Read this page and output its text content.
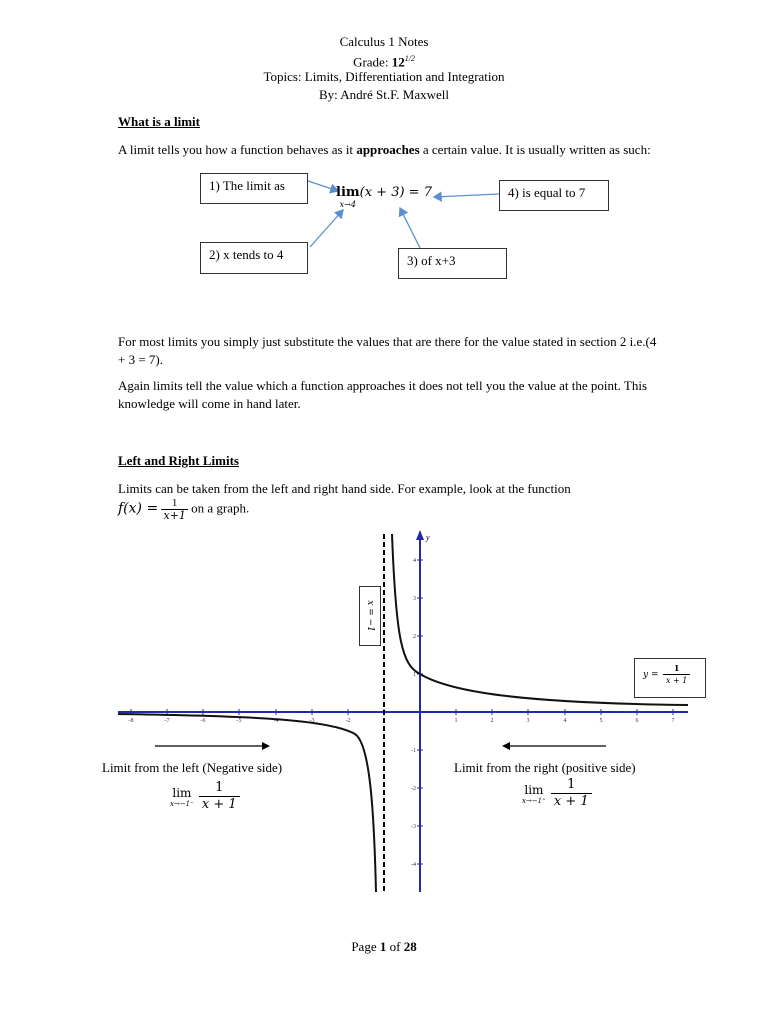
Calculus 1 Notes
Grade: $12^{1/2}$
Topics: Limits, Differentiation and Integration
By: André St.F. Maxwell
What is a limit
A limit tells you how a function behaves as it approaches a certain value. It is usually written as such:
1) The limit as
2) x tends to 4	3) of x+3
4) is equal to 7
lim
x→4
$^{(x + 3) = 7}$
For most limits you simply just substitute the values that are there for the value stated in section 2 i.e.(4 + 3 = 7).
Again limits tell the value which a function approaches it does not tell you the value at the point. This knowledge will come in hand later.
Left and Right Limits
Limits can be taken from the left and right hand side. For example, look at the function
$f(x) = \frac{1}{x+1}$ on a graph.
y
-8	-7	-6	-5	-4	-3	-2	1	2	3	4	5	6	7
4
3
2
1
-1
-2
-3
-4
x = −1
$y = \frac{1}{x + 1}$
Limit from the left (Negative side)	Limit from the right (positive side)
lim
x→−1⁻
$\frac{1}{x + 1}$	lim
x→−1⁺
$\frac{1}{x + 1}$
Page 1 of 28
